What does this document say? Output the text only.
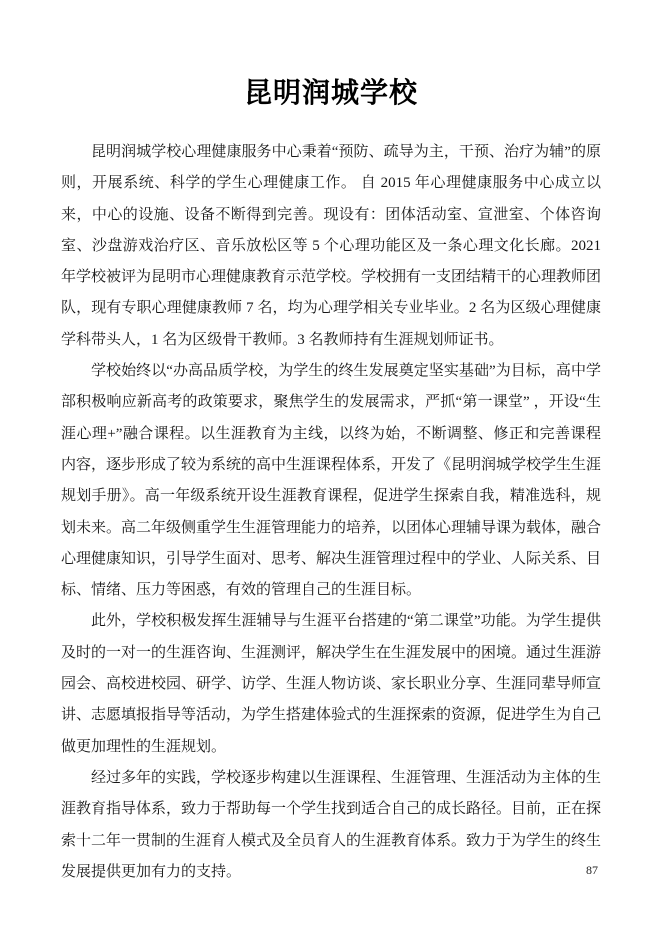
昆明润城学校

昆明润城学校心理健康服务中心秉着“预防、疏导为主，干预、治疗为辅”的原则，开展系统、科学的学生心理健康工作。 自 2015 年心理健康服务中心成立以来，中心的设施、设备不断得到完善。现设有：团体活动室、宣泄室、个体咨询室、沙盘游戏治疗区、音乐放松区等 5 个心理功能区及一条心理文化长廊。2021 年学校被评为昆明市心理健康教育示范学校。学校拥有一支团结精干的心理教师团队，现有专职心理健康教师 7 名，均为心理学相关专业毕业。2 名为区级心理健康学科带头人，1 名为区级骨干教师。3 名教师持有生涯规划师证书。

学校始终以“办高品质学校，为学生的终生发展奠定坚实基础”为目标，高中学部积极响应新高考的政策要求，聚焦学生的发展需求，严抓“第一课堂” ，开设“生涯心理+”融合课程。以生涯教育为主线，以终为始，不断调整、修正和完善课程内容，逐步形成了较为系统的高中生涯课程体系，开发了《昆明润城学校学生生涯规划手册》。高一年级系统开设生涯教育课程，促进学生探索自我，精准选科，规划未来。高二年级侧重学生生涯管理能力的培养，以团体心理辅导课为载体，融合心理健康知识，引导学生面对、思考、解决生涯管理过程中的学业、人际关系、目标、情绪、压力等困惑，有效的管理自己的生涯目标。

此外，学校积极发挥生涯辅导与生涯平台搭建的“第二课堂”功能。为学生提供及时的一对一的生涯咨询、生涯测评，解决学生在生涯发展中的困境。通过生涯游园会、高校进校园、研学、访学、生涯人物访谈、家长职业分享、生涯同辈导师宣讲、志愿填报指导等活动，为学生搭建体验式的生涯探索的资源，促进学生为自己做更加理性的生涯规划。

经过多年的实践，学校逐步构建以生涯课程、生涯管理、生涯活动为主体的生涯教育指导体系，致力于帮助每一个学生找到适合自己的成长路径。目前，正在探索十二年一贯制的生涯育人模式及全员育人的生涯教育体系。致力于为学生的终生发展提供更加有力的支持。	87
